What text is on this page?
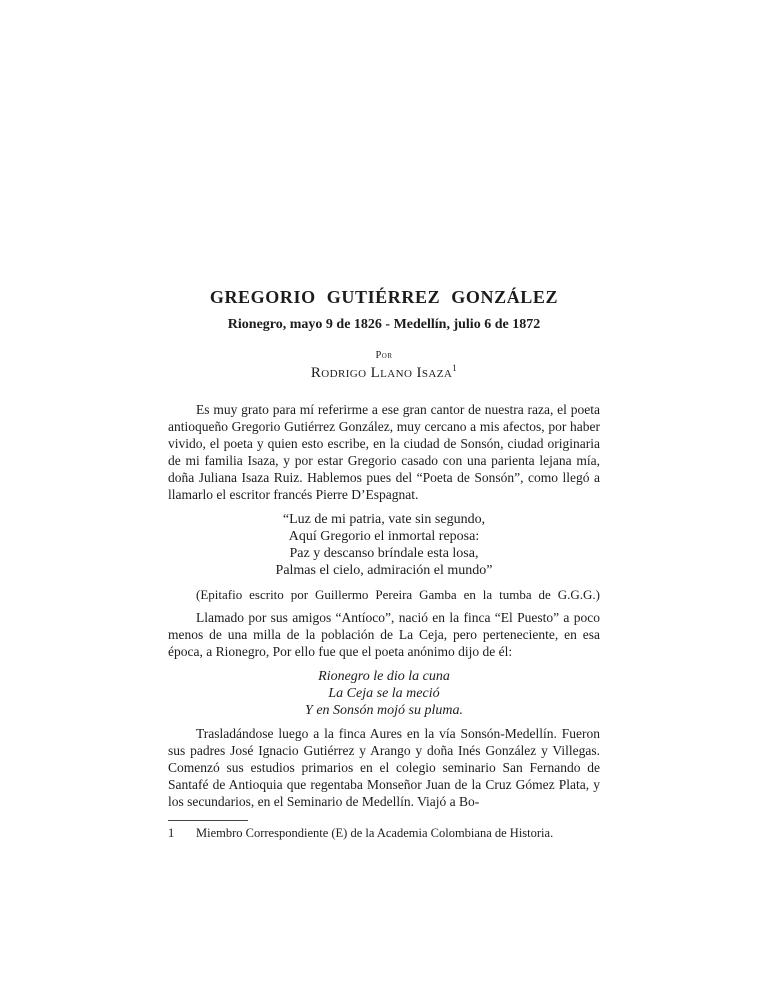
GREGORIO GUTIÉRREZ GONZÁLEZ

Rionegro, mayo 9 de 1826 - Medellín, julio 6 de 1872

Por

Rodrigo Llano Isaza$^1$

Es muy grato para mí referirme a ese gran cantor de nuestra raza, el poeta antioqueño Gregorio Gutiérrez González, muy cercano a mis afectos, por haber vivido, el poeta y quien esto escribe, en la ciudad de Sonsón, ciudad originaria de mi familia Isaza, y por estar Gregorio casado con una parienta lejana mía, doña Juliana Isaza Ruiz. Hablemos pues del “Poeta de Sonsón”, como llegó a llamarlo el escritor francés Pierre D’Espagnat.

“Luz de mi patria, vate sin segundo,
Aquí Gregorio el inmortal reposa:
Paz y descanso bríndale esta losa,
Palmas el cielo, admiración el mundo”

(Epitafio escrito por Guillermo Pereira Gamba en la tumba de G.G.G.)

Llamado por sus amigos “Antíoco”, nació en la finca “El Puesto” a poco menos de una milla de la población de La Ceja, pero perteneciente, en esa época, a Rionegro, Por ello fue que el poeta anónimo dijo de él:

Rionegro le dio la cuna
La Ceja se la meció
Y en Sonsón mojó su pluma.

Trasladándose luego a la finca Aures en la vía Sonsón-Medellín. Fueron sus padres José Ignacio Gutiérrez y Arango y doña Inés González y Villegas. Comenzó sus estudios primarios en el colegio seminario San Fernando de Santafé de Antioquia que regentaba Monseñor Juan de la Cruz Gómez Plata, y los secundarios, en el Seminario de Medellín. Viajó a Bo-

1	Miembro Correspondiente (E) de la Academia Colombiana de Historia.
